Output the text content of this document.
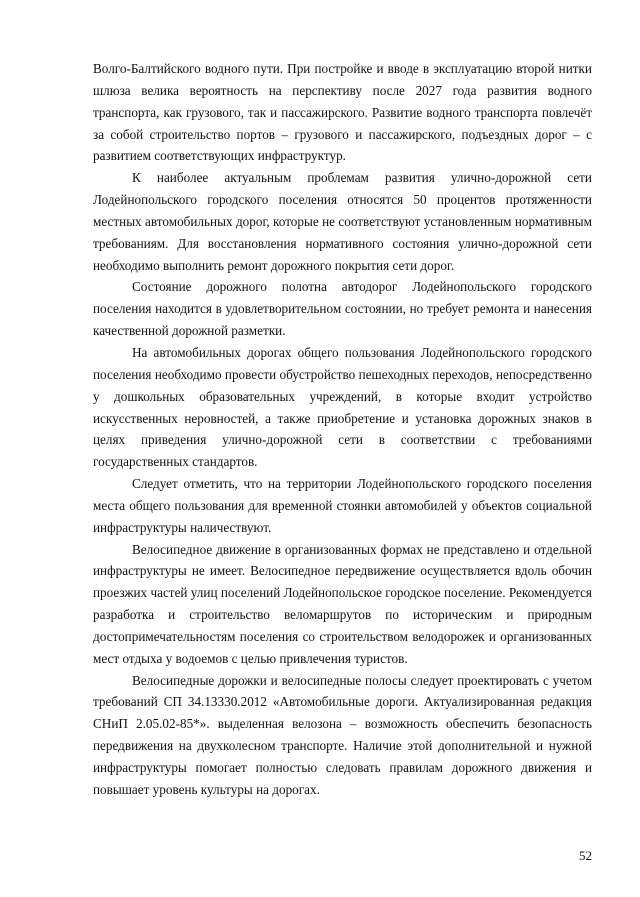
Волго-Балтийского водного пути. При постройке и вводе в эксплуатацию второй нитки шлюза велика вероятность на перспективу после 2027 года развития водного транспорта, как грузового, так и пассажирского. Развитие водного транспорта повлечёт за собой строительство портов – грузового и пассажирского, подъездных дорог – с развитием соответствующих инфраструктур.

К наиболее актуальным проблемам развития улично-дорожной сети Лодейнопольского городского поселения относятся 50 процентов протяженности местных автомобильных дорог, которые не соответствуют установленным нормативным требованиям. Для восстановления нормативного состояния улично-дорожной сети необходимо выполнить ремонт дорожного покрытия сети дорог.

Состояние дорожного полотна автодорог Лодейнопольского городского поселения находится в удовлетворительном состоянии, но требует ремонта и нанесения качественной дорожной разметки.

На автомобильных дорогах общего пользования Лодейнопольского городского поселения необходимо провести обустройство пешеходных переходов, непосредственно у дошкольных образовательных учреждений, в которые входит устройство искусственных неровностей, а также приобретение и установка дорожных знаков в целях приведения улично-дорожной сети в соответствии с требованиями государственных стандартов.

Следует отметить, что на территории Лодейнопольского городского поселения места общего пользования для временной стоянки автомобилей у объектов социальной инфраструктуры наличествуют.

Велосипедное движение в организованных формах не представлено и отдельной инфраструктуры не имеет. Велосипедное передвижение осуществляется вдоль обочин проезжих частей улиц поселений Лодейнопольское городское поселение. Рекомендуется разработка и строительство веломаршрутов по историческим и природным достопримечательностям поселения со строительством велодорожек и организованных мест отдыха у водоемов с целью привлечения туристов.

Велосипедные дорожки и велосипедные полосы следует проектировать с учетом требований СП 34.13330.2012 «Автомобильные дороги. Актуализированная редакция СНиП 2.05.02-85*». выделенная велозона – возможность обеспечить безопасность передвижения на двухколесном транспорте. Наличие этой дополнительной и нужной инфраструктуры помогает полностью следовать правилам дорожного движения и повышает уровень культуры на дорогах.

52
